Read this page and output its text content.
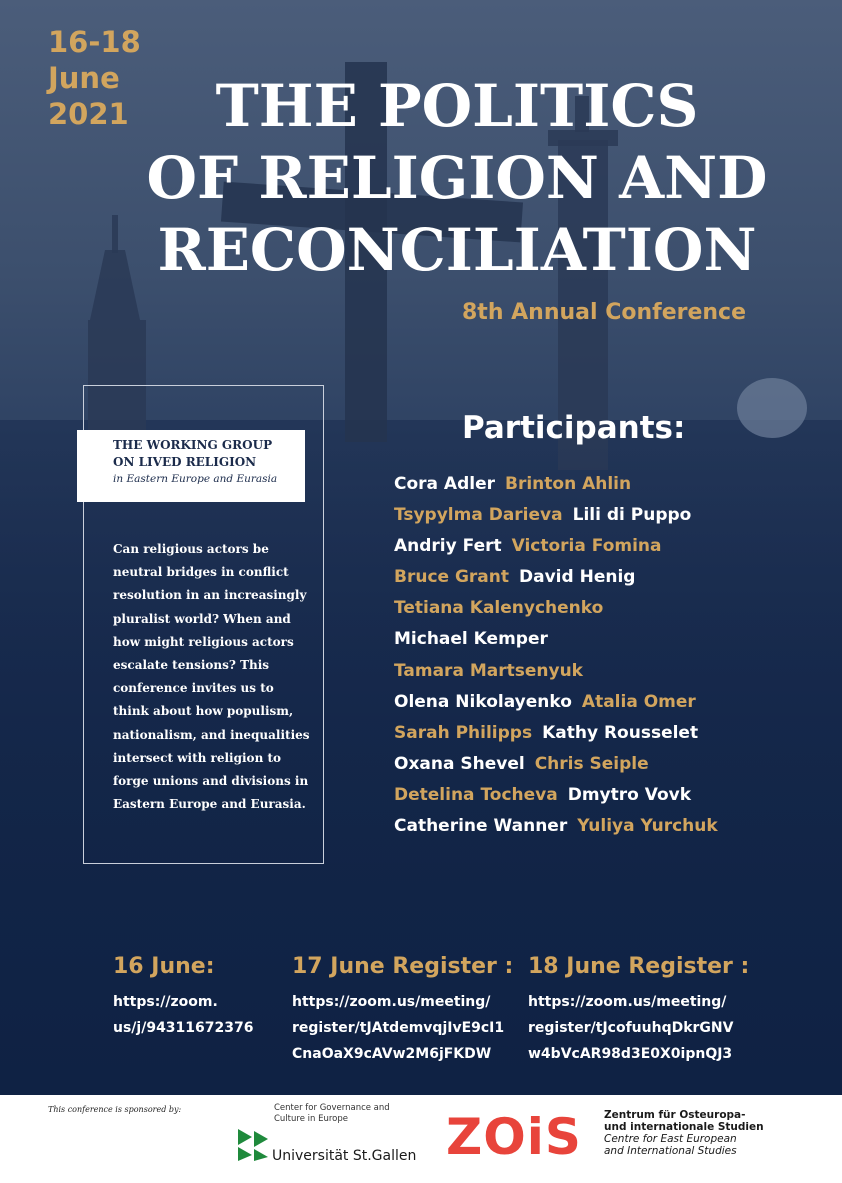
16-18
June
2021	THE POLITICS
OF RELIGION AND
RECONCILIATION
8th Annual Conference
THE WORKING GROUP
ON LIVED RELIGION
in Eastern Europe and Eurasia
Can religious actors be
neutral bridges in conflict
resolution in an increasingly
pluralist world? When and
how might religious actors
escalate tensions? This
conference invites us to
think about how populism,
nationalism, and inequalities
intersect with religion to
forge unions and divisions in
Eastern Europe and Eurasia.
Participants:
Cora Adler Brinton Ahlin
Tsypylma Darieva Lili di Puppo
Andriy Fert Victoria Fomina
Bruce Grant David Henig
Tetiana Kalenychenko
Michael Kemper
Tamara Martsenyuk
Olena Nikolayenko Atalia Omer
Sarah Philipps Kathy Rousselet
Oxana Shevel Chris Seiple
Detelina Tocheva Dmytro Vovk
Catherine Wanner Yuliya Yurchuk
16 June:
https://zoom.
us/j/94311672376
17 June Register :
https://zoom.us/meeting/
register/tJAtdemvqjIvE9cI1
CnaOaX9cAVw2M6jFKDW
18 June Register :
https://zoom.us/meeting/
register/tJcofuuhqDkrGNV
w4bVcAR98d3E0X0ipnQJ3
This conference is sponsored by:	Center for Governance and
Culture in Europe
Universität St.Gallen ZOiS Zentrum für Osteuropa-
und internationale Studien
Centre for East European
and International Studies
